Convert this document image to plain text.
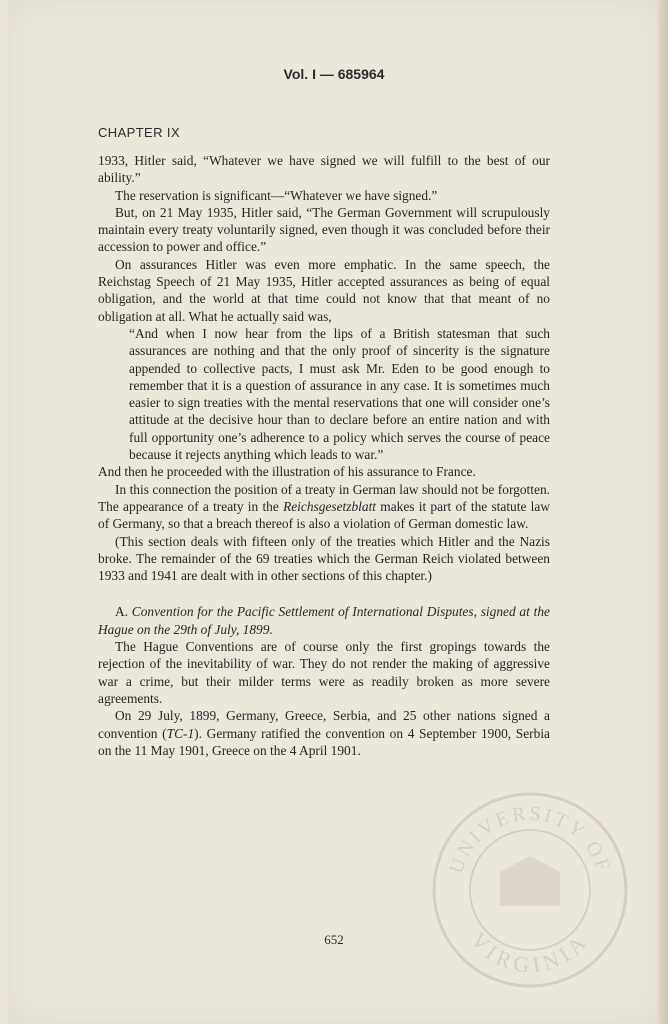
Vol. I — 685964
CHAPTER IX

1933, Hitler said, “Whatever we have signed we will fulfill to the best of our ability.”

The reservation is significant—“Whatever we have signed.”

But, on 21 May 1935, Hitler said, “The German Government will scrupulously maintain every treaty voluntarily signed, even though it was concluded before their accession to power and office.”

On assurances Hitler was even more emphatic. In the same speech, the Reichstag Speech of 21 May 1935, Hitler accepted assurances as being of equal obligation, and the world at that time could not know that that meant of no obligation at all. What he actually said was,

“And when I now hear from the lips of a British statesman that such assurances are nothing and that the only proof of sincerity is the signature appended to collective pacts, I must ask Mr. Eden to be good enough to remember that it is a question of assurance in any case. It is sometimes much easier to sign treaties with the mental reservations that one will consider one’s attitude at the decisive hour than to declare before an entire nation and with full opportunity one’s adherence to a policy which serves the course of peace because it rejects anything which leads to war.”

And then he proceeded with the illustration of his assurance to France.

In this connection the position of a treaty in German law should not be forgotten. The appearance of a treaty in the Reichsgesetzblatt makes it part of the statute law of Germany, so that a breach thereof is also a violation of German domestic law.

(This section deals with fifteen only of the treaties which Hitler and the Nazis broke. The remainder of the 69 treaties which the German Reich violated between 1933 and 1941 are dealt with in other sections of this chapter.)

A. Convention for the Pacific Settlement of International Disputes, signed at the Hague on the 29th of July, 1899.

The Hague Conventions are of course only the first gropings towards the rejection of the inevitability of war. They do not render the making of aggressive war a crime, but their milder terms were as readily broken as more severe agreements.

On 29 July, 1899, Germany, Greece, Serbia, and 25 other nations signed a convention (TC-1). Germany ratified the convention on 4 September 1900, Serbia on the 11 May 1901, Greece on the 4 April 1901.

652
UNIVERSITY OF
VIRGINIA
